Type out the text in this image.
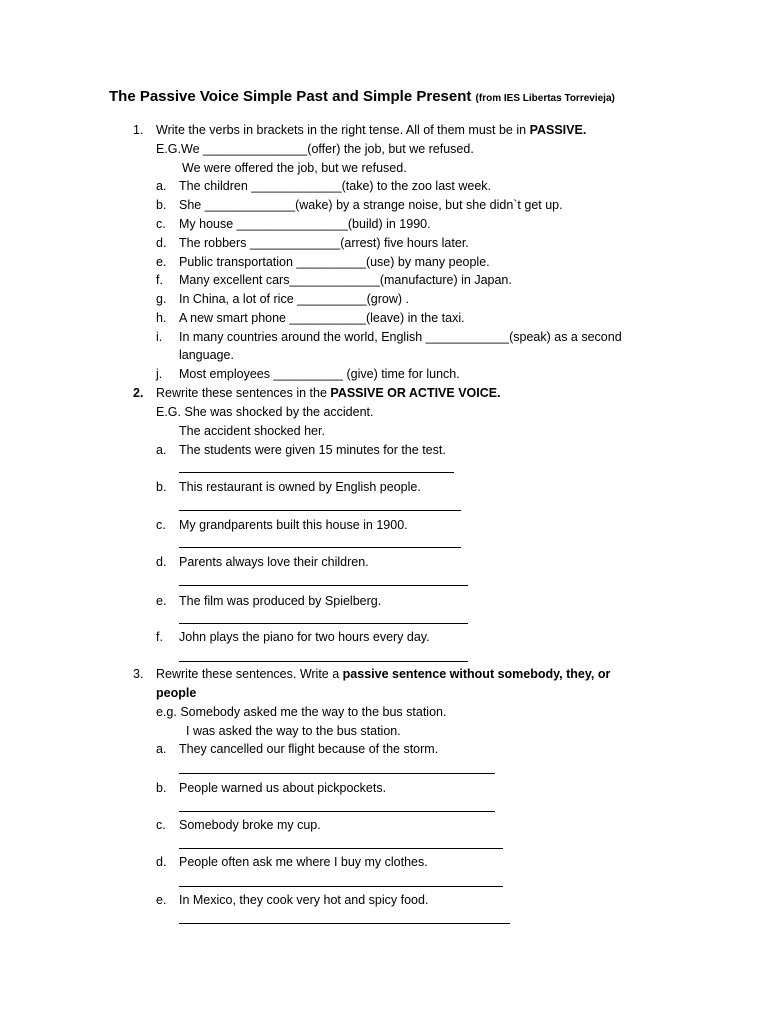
The Passive Voice Simple Past and Simple Present (from IES Libertas Torrevieja)
1. Write the verbs in brackets in the right tense. All of them must be in PASSIVE.
E.G.We _______________(offer) the job, but we refused.
We were offered the job, but we refused.
a. The children _____________(take) to the zoo last week.
b. She _____________(wake) by a strange noise, but she didn`t get up.
c. My house ________________(build) in 1990.
d. The robbers _____________(arrest) five hours later.
e. Public transportation __________(use) by many people.
f. Many excellent cars_____________(manufacture) in Japan.
g. In China, a lot of rice __________(grow) .
h. A new smart phone ___________(leave) in the taxi.
i. In many countries around the world, English ____________(speak) as a second
language.
j. Most employees __________ (give) time for lunch.
2. Rewrite these sentences in the PASSIVE OR ACTIVE VOICE.
E.G. She was shocked by the accident.
The accident shocked her.
a. The students were given 15 minutes for the test.
b. This restaurant is owned by English people.
c. My grandparents built this house in 1900.
d. Parents always love their children.
e. The film was produced by Spielberg.
f. John plays the piano for two hours every day.
3. Rewrite these sentences. Write a passive sentence without somebody, they, or
people
e.g. Somebody asked me the way to the bus station.
I was asked the way to the bus station.
a. They cancelled our flight because of the storm.
b. People warned us about pickpockets.
c. Somebody broke my cup.
d. People often ask me where I buy my clothes.
e. In Mexico, they cook very hot and spicy food.
